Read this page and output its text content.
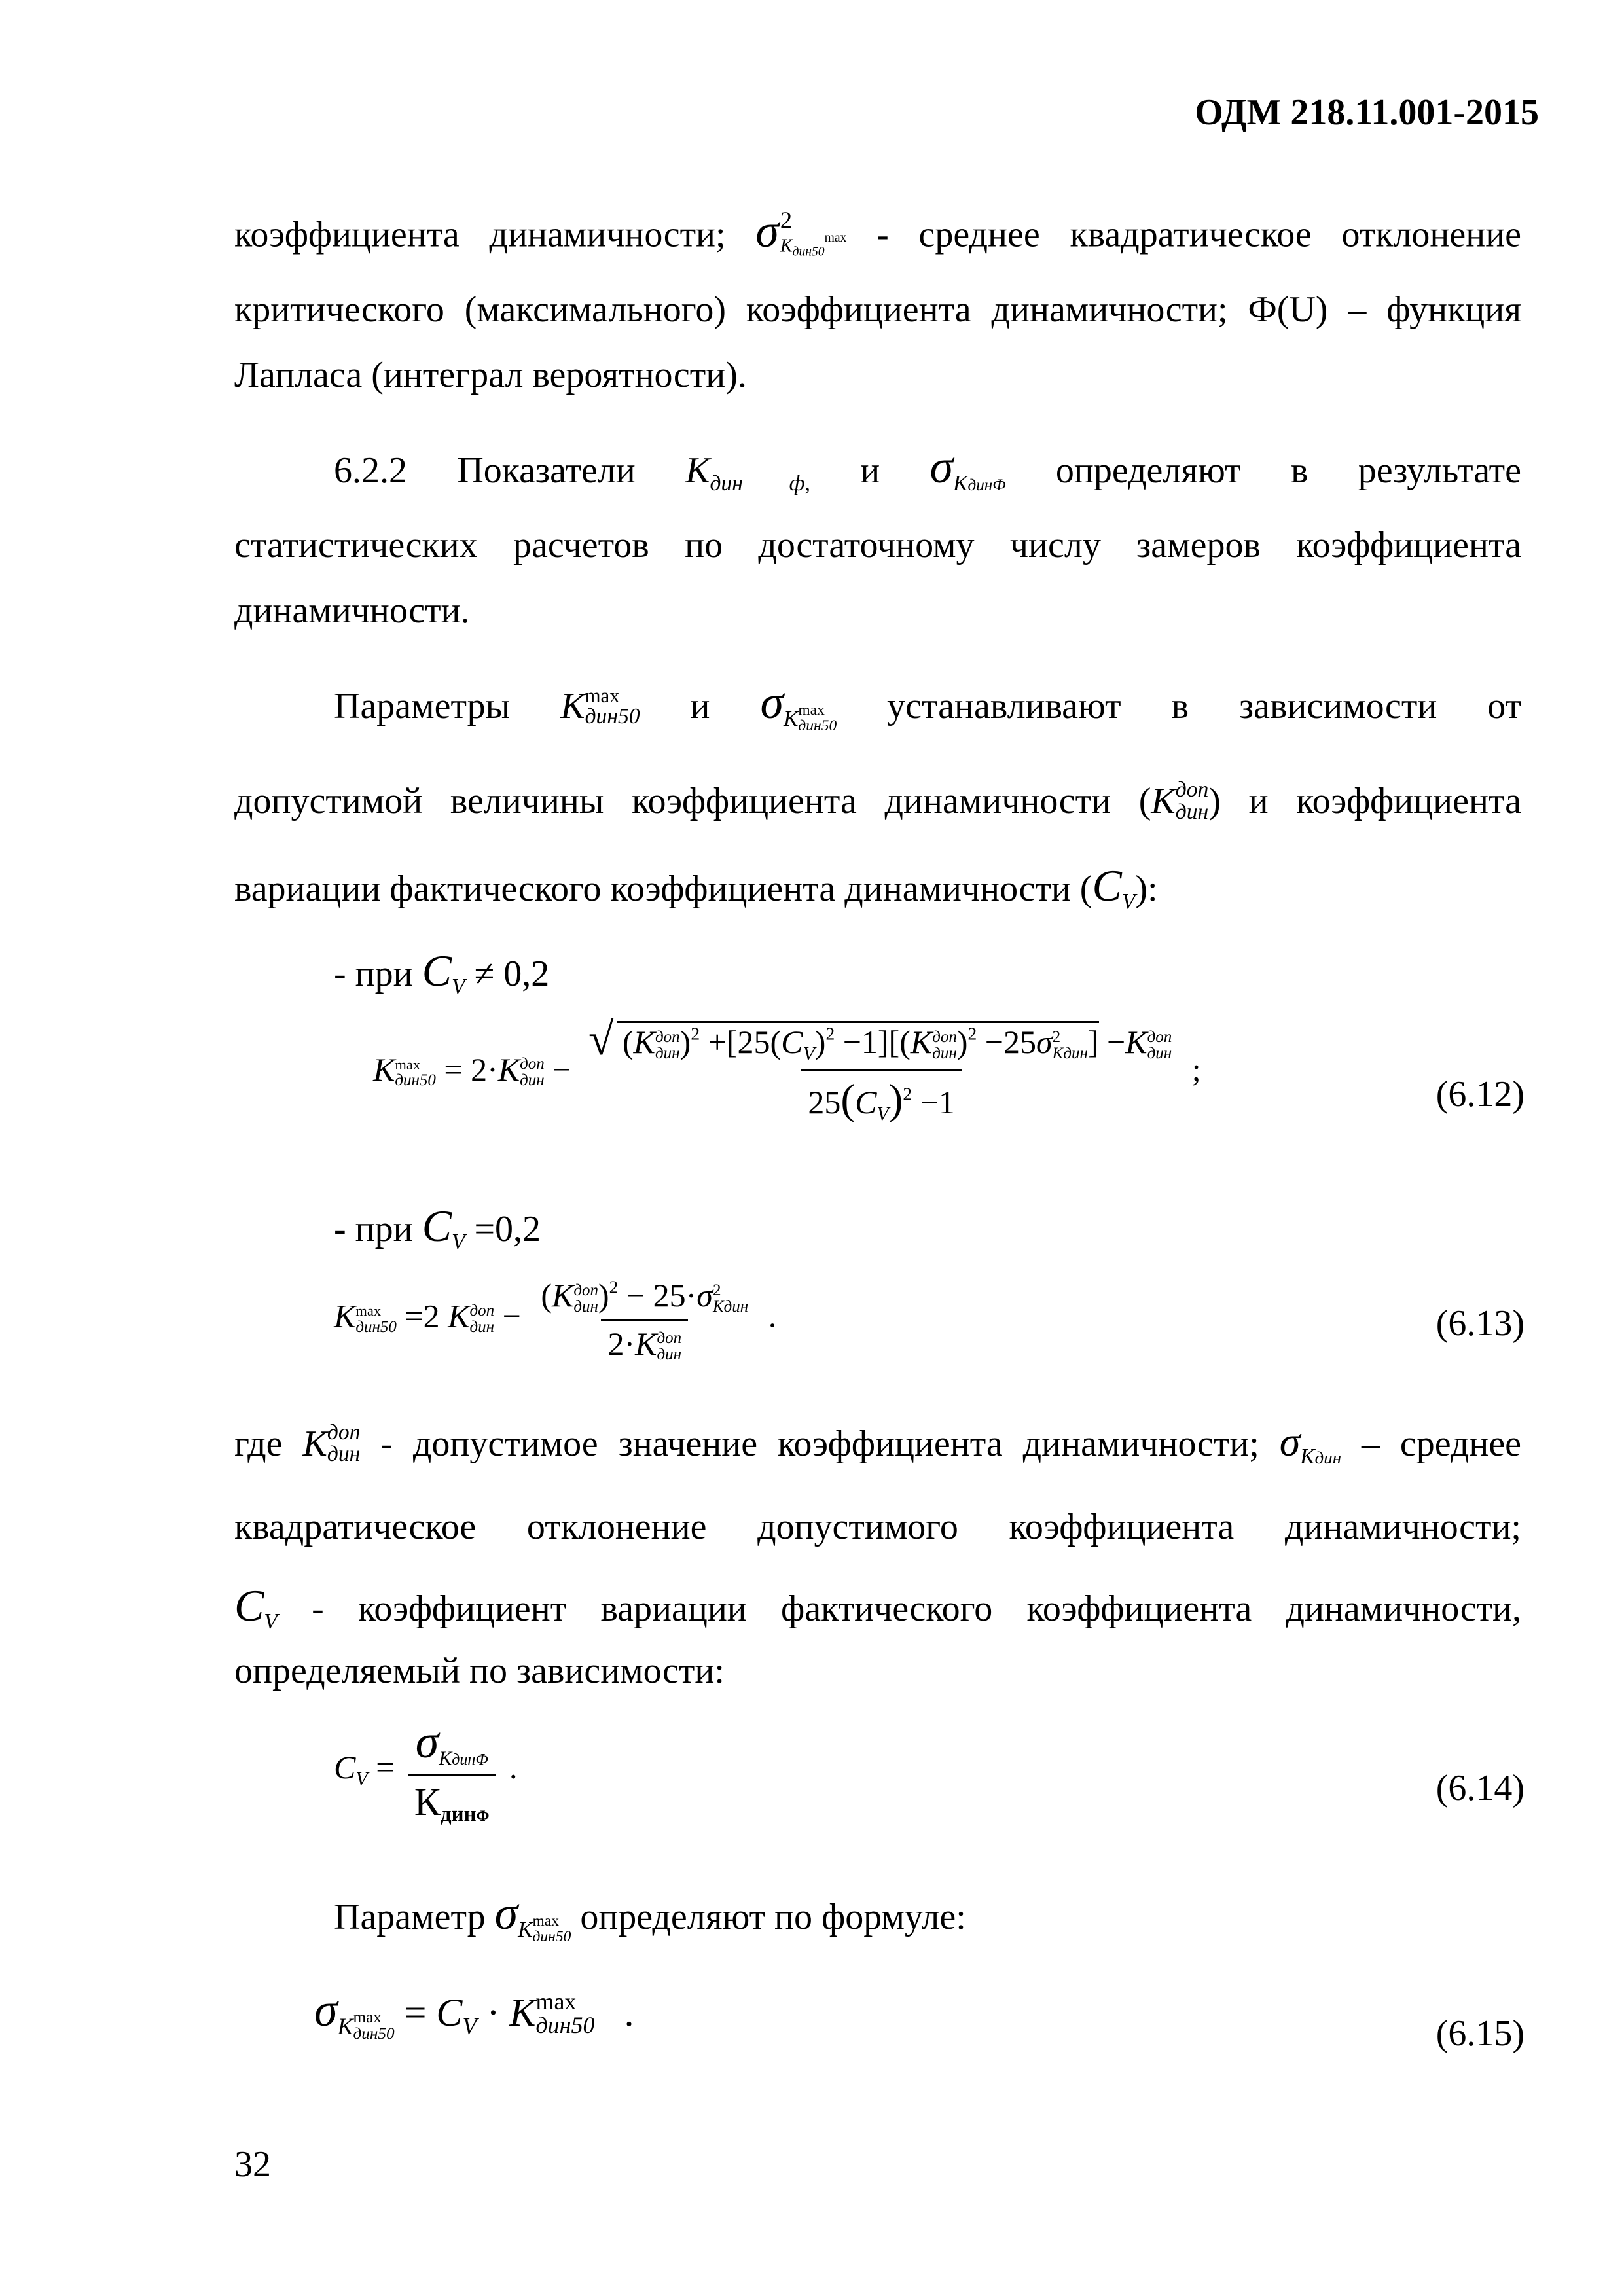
ОДМ 218.11.001-2015
коэффициента динамичности; σ 2
$K_{дин50}^{max}$ - среднее квадратическое отклонение
критического (максимального) коэффициента динамичности; Ф(U) – функция
Лапласа (интеграл вероятности).
6.2.2 Показатели $K_{дин ф,}$ и $\sigma_{KдинФ}$ определяют в результате
статистических расчетов по достаточному числу замеров коэффициента
динамичности.
Параметры K max
дин50 и $\sigma_{K max дин50}$ устанавливают в зависимости от
допустимой величины коэффициента динамичности (K доп
дин ) и коэффициента
вариации фактического коэффициента динамичности $(C_V)$:
- при $C_V \ne 0,2$
K max
дин50 = 2·K доп
дин −
√ (K доп
дин )$^2 +[25(C_V)^2 -1][(K$ доп
дин )$^2$ −25σ 2
Kдин ] −K доп
дин
$25(C_V)^2 -1$ ;
(6.12)
- при $C_V =0,2$
K max
дин50 =2 K доп
дин − (K доп
дин )$^2$ − 25·σ 2
Kдин
2·K доп
дин .	(6.13)
где K доп
дин - допустимое значение коэффициента динамичности; $\sigma_{Kдин}$ – среднее
квадратическое отклонение допустимого коэффициента динамичности;
$C_V$ - коэффициент вариации фактического коэффициента динамичности,
определяемый по зависимости:
$C_V = \frac{\sigma_{KдинФ}}{\text{КдинФ}}$ .
(6.14)
Параметр $\sigma_{K max дин50}$ определяют по формуле:
$\sigma_{K max дин50} = C_V \cdot K$ max
дин50 .	(6.15)
32
